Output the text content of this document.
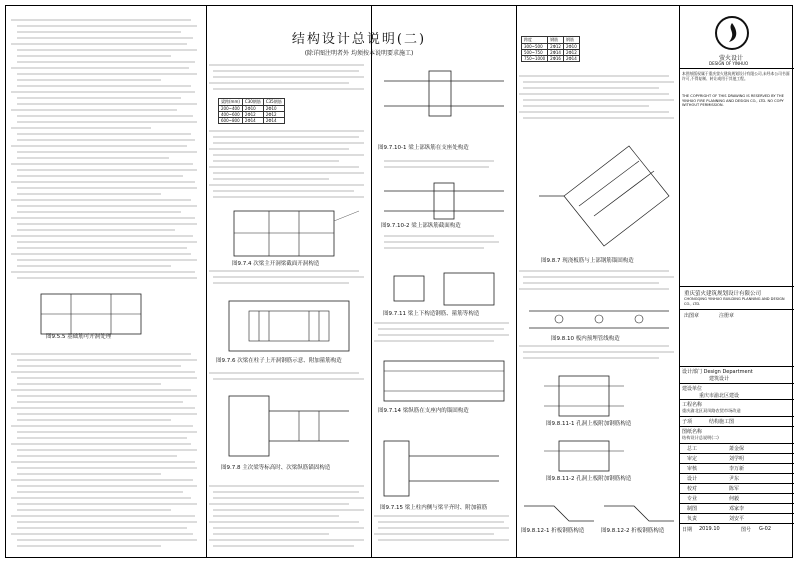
结构设计总说明(二)
(除详图注明者外 均须按本说明要求施工)
图9.5.5 基础筋可开洞处理
梁跨(mm)	C30钢筋	C35钢筋
200~400	2Φ10	2Φ10
400~600	2Φ12	2Φ12
600~800	2Φ14	2Φ14
图9.7.4 次梁主开洞梁截面开洞构造
图9.7.6 次梁在柱子上开洞钢筋示意、附加箍筋构造
图9.7.8 主次梁等标高时、次梁纵筋锚固构造
图9.7.10-1 梁上部纵筋在支座处构造
图9.7.10-2 梁上部纵筋截面构造
图9.7.11 梁上下构造钢筋、箍筋等构造
图9.7.14 梁纵筋在支座内的锚固构造
图9.7.15 梁上柱内侧与梁平齐时、附加箍筋
跨度	钢筋	钢筋
300~500	2Φ12	2Φ10
500~750	2Φ14	2Φ12
750~1000	2Φ16	2Φ14
图9.8.7 现浇板筋与上部钢筋锚固构造
图9.8.10 板内预埋管线构造
图9.8.11-1 孔洞上板附加钢筋构造
图9.8.11-2 孔洞上板附加钢筋构造
图9.8.12-1 折板钢筋构造	图9.8.12-2 折板钢筋构造
萤火设计
DESIGN OF YINHUO
本图纸版权属于重庆萤火建筑规划设计有限公司,未经本公司书面许可,不得复制、转让或用于其他工程。
THE COPYRIGHT OF THIS DRAWING IS RESERVED BY THE YINHUO FIRE PLANNING AND DESIGN CO., LTD. NO COPY WITHOUT PERMISSION.
重庆萤火建筑规划设计有限公司
CHONGQING YINHUO BUILDING PLANNING AND DESIGN CO., LTD.
出图章	注册章
设计部门 Design Department
建筑设计
建设单位
重庆市渝北区建设
工程名称
重庆渝北区双凤路农贸市场改造
子项	结构施工图
图纸名称
结构设计总说明(二)
总工	萧金保
审定	刘学明
审核	李万新
设计	尹东
校对	陈军
专业	何毅
制图	邓家李
负责	刘安平
日期 2019.10	图号 G-02
